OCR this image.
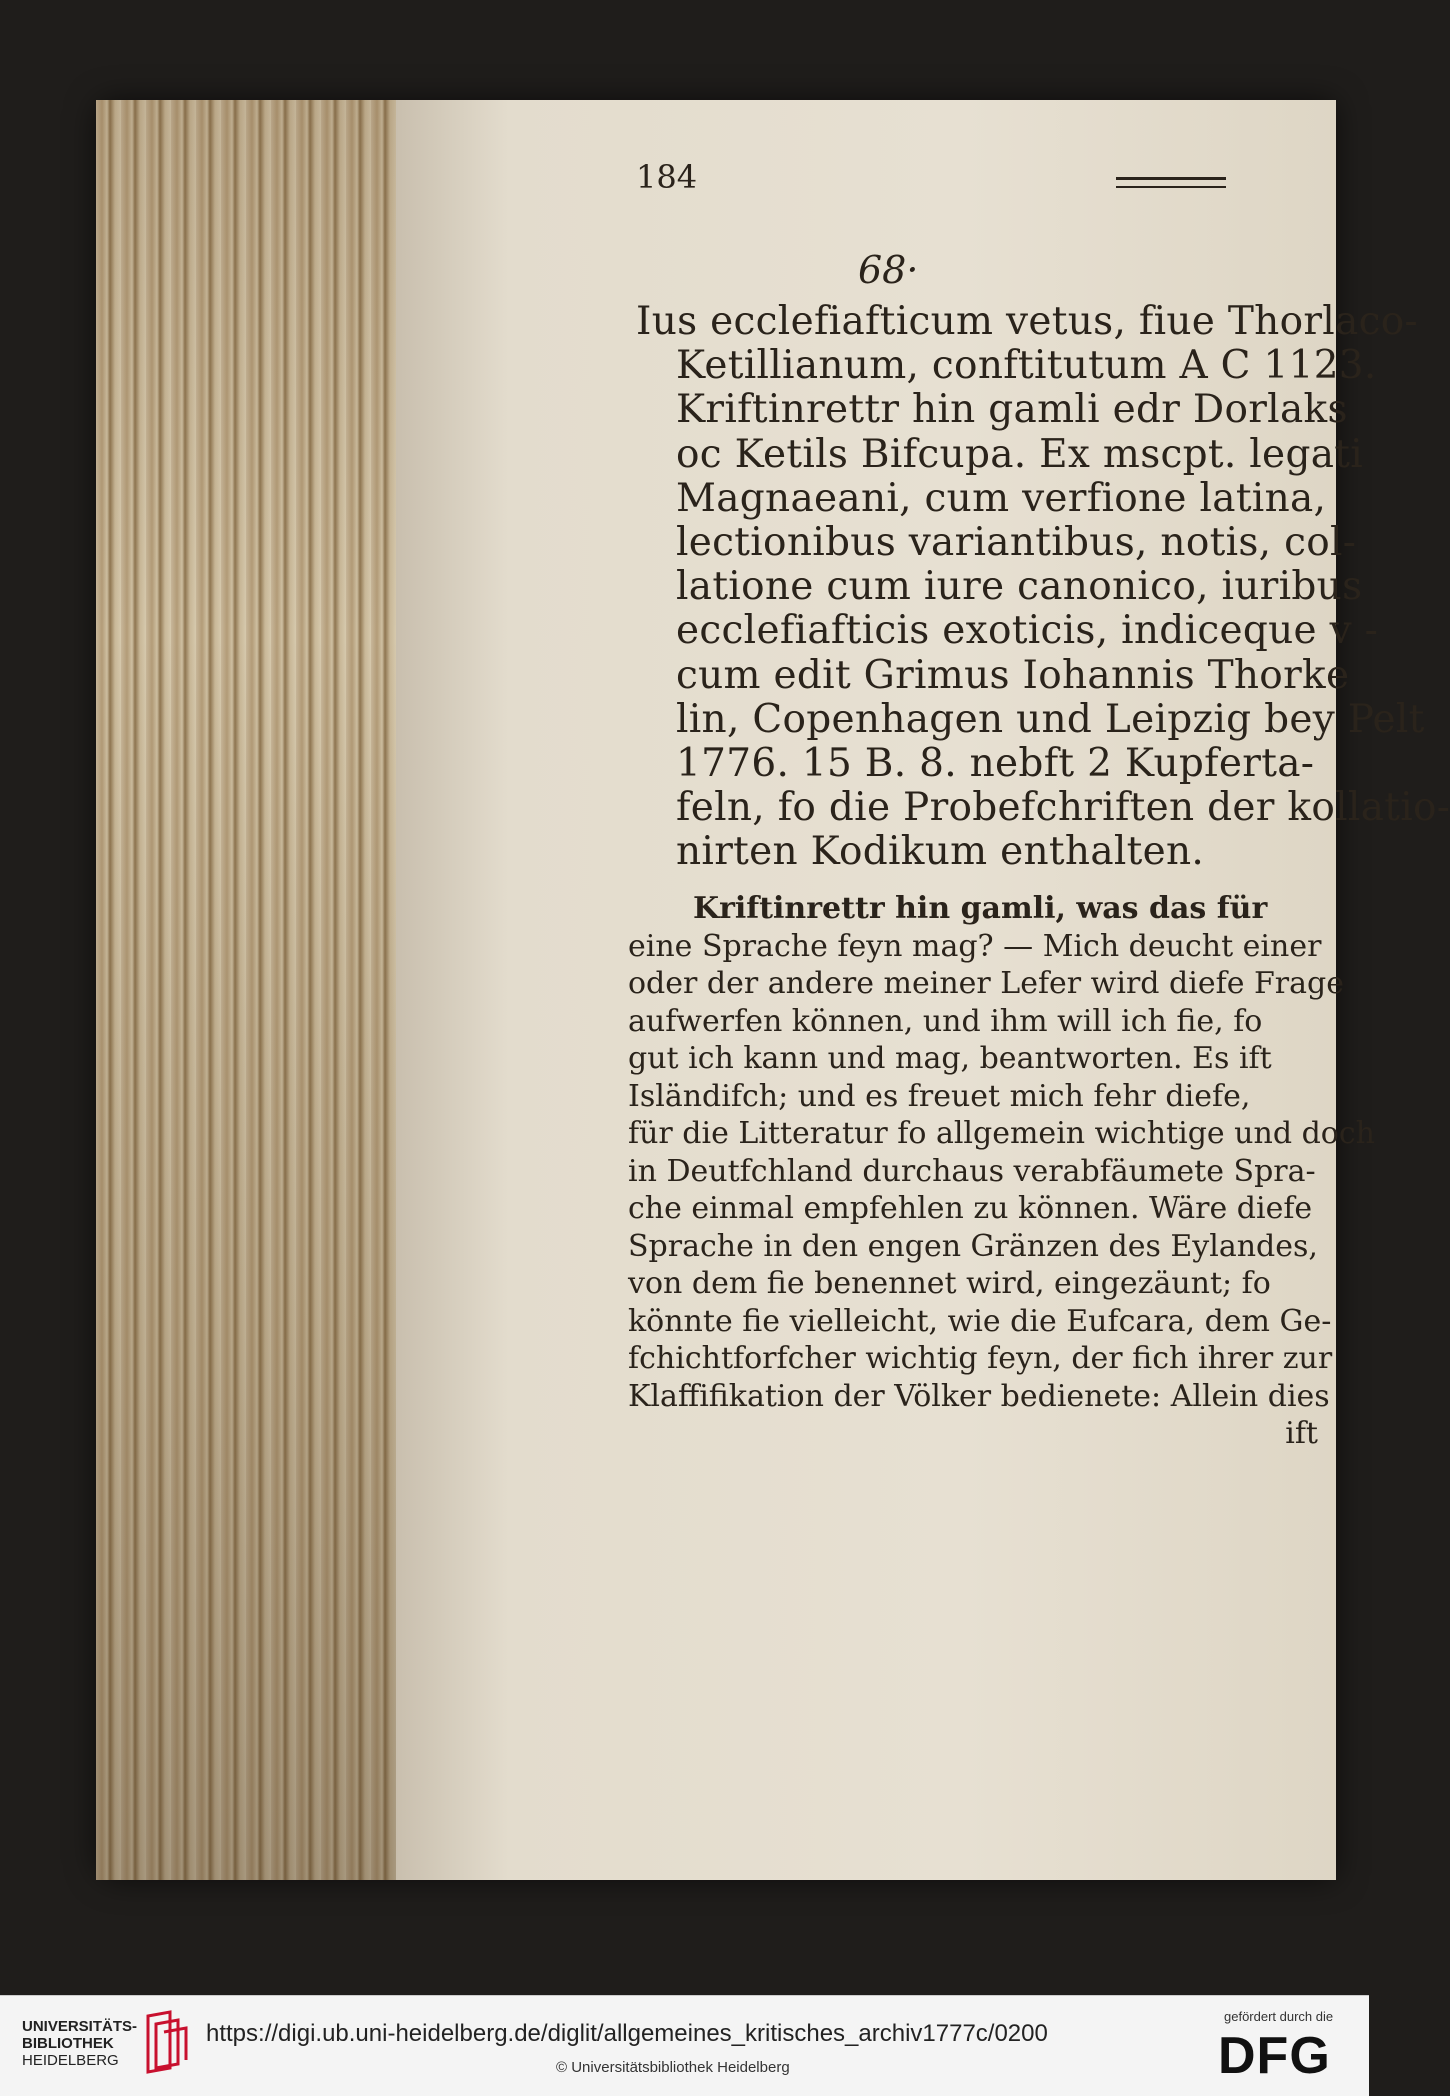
184
68·
Ius ecclefiafticum vetus, fiue Thorlaco-
Ketillianum, conftitutum A C 1123.
Kriftinrettr hin gamli edr Dorlaks
oc Ketils Bifcupa. Ex mscpt. legati
Magnaeani, cum verfione latina,
lectionibus variantibus, notis, col-
latione cum iure canonico, iuribus
ecclefiafticis exoticis, indiceque v -
cum edit Grimus Iohannis Thorke
lin, Copenhagen und Leipzig bey Pelt
1776. 15 B. 8. nebft 2 Kupferta-
feln, fo die Probefchriften der kollatio-
nirten Kodikum enthalten.
Kriftinrettr hin gamli, was das für
eine Sprache feyn mag? — Mich deucht einer
oder der andere meiner Lefer wird diefe Frage
aufwerfen können, und ihm will ich fie, fo
gut ich kann und mag, beantworten. Es ift
Isländifch; und es freuet mich fehr diefe,
für die Litteratur fo allgemein wichtige und doch
in Deutfchland durchaus verabfäumete Spra-
che einmal empfehlen zu können. Wäre diefe
Sprache in den engen Gränzen des Eylandes,
von dem fie benennet wird, eingezäunt; fo
könnte fie vielleicht, wie die Eufcara, dem Ge-
fchichtforfcher wichtig feyn, der fich ihrer zur
Klaffifikation der Völker bedienete: Allein dies
ift
UNIVERSITÄTS-
BIBLIOTHEK
HEIDELBERG
https://digi.ub.uni-heidelberg.de/diglit/allgemeines_kritisches_archiv1777c/0200
© Universitätsbibliothek Heidelberg
gefördert durch die
DFG
